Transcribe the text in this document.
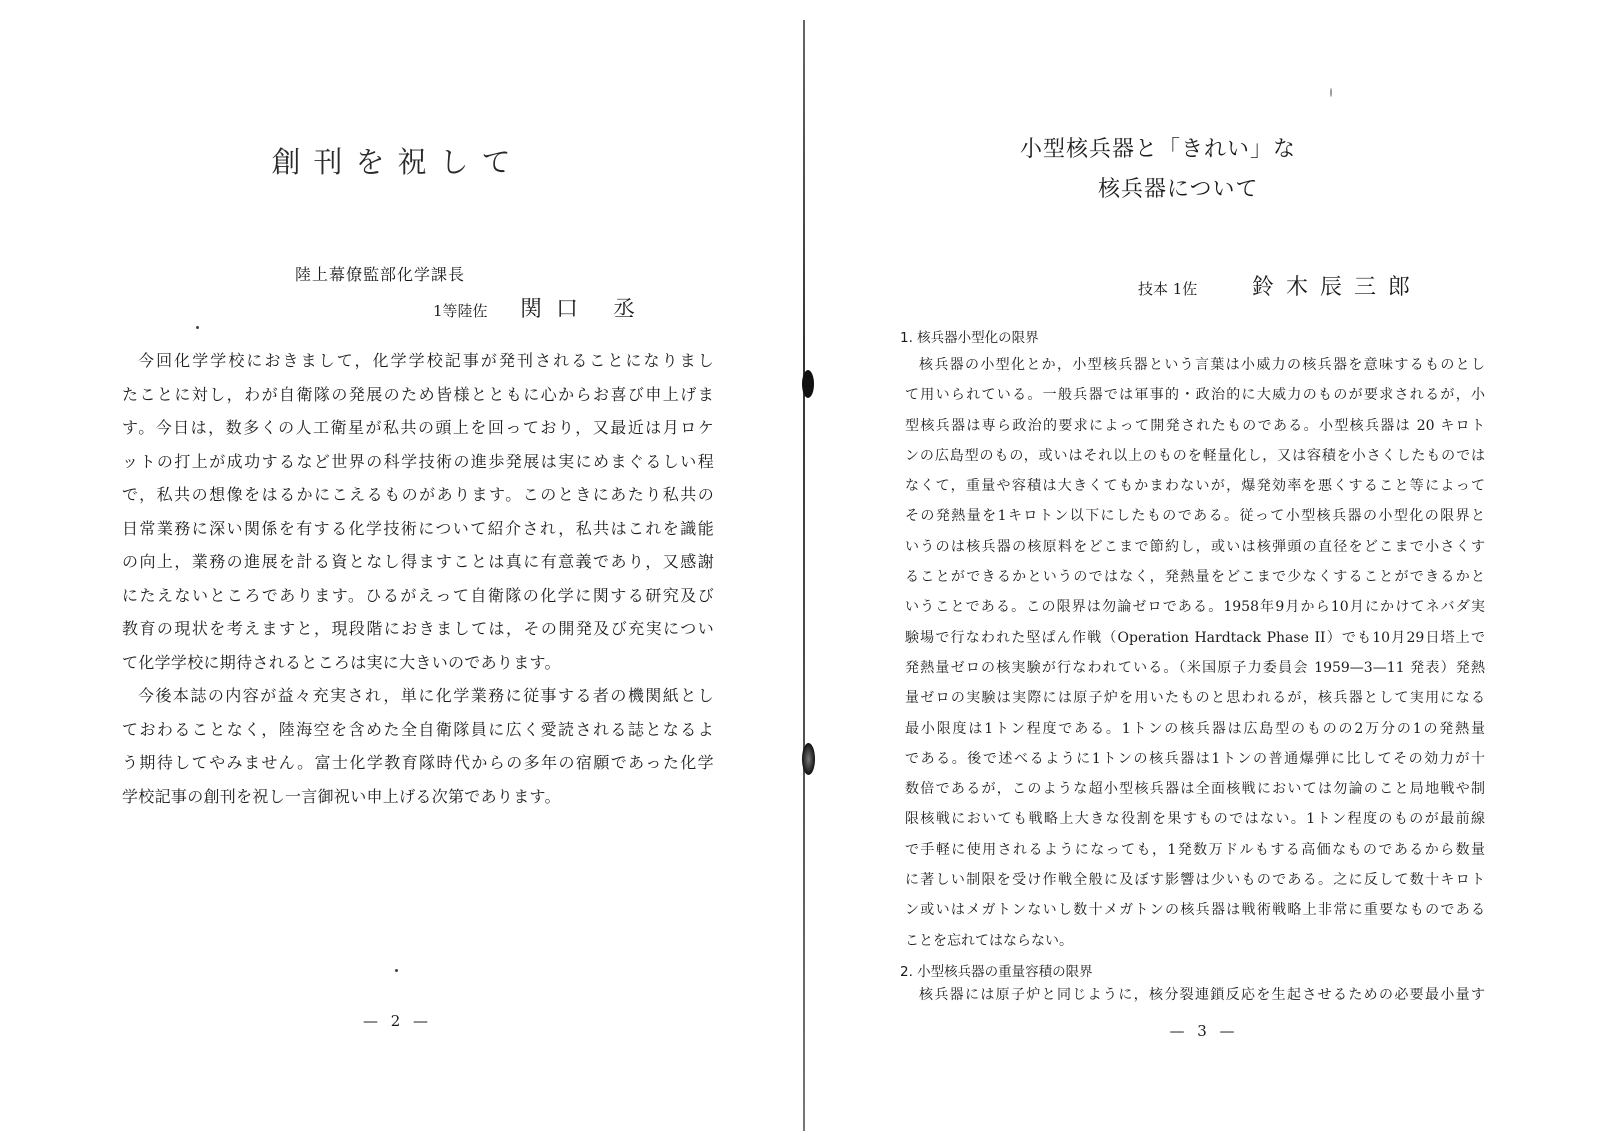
創刊を祝して
陸上幕僚監部化学課長
1等陸佐 関口 丞
今回化学学校におきまして，化学学校記事が発刊されることになりまし
たことに対し，わが自衛隊の発展のため皆様とともに心からお喜び申上げま
す。今日は，数多くの人工衛星が私共の頭上を回っており，又最近は月ロケ
ットの打上が成功するなど世界の科学技術の進歩発展は実にめまぐるしい程
で，私共の想像をはるかにこえるものがあります。このときにあたり私共の
日常業務に深い関係を有する化学技術について紹介され，私共はこれを識能
の向上，業務の進展を計る資となし得ますことは真に有意義であり，又感謝
にたえないところであります。ひるがえって自衛隊の化学に関する研究及び
教育の現状を考えますと，現段階におきましては，その開発及び充実につい
て化学学校に期待されるところは実に大きいのであります。
今後本誌の内容が益々充実され，単に化学業務に従事する者の機関紙とし
ておわることなく，陸海空を含めた全自衛隊員に広く愛読される誌となるよ
う期待してやみません。富士化学教育隊時代からの多年の宿願であった化学
学校記事の創刊を祝し一言御祝い申上げる次第であります。
— 2 —
小型核兵器と「きれい」な
核兵器について
技本 1佐 鈴木辰三郎
1. 核兵器小型化の限界
核兵器の小型化とか，小型核兵器という言葉は小威力の核兵器を意味するものとし
て用いられている。一般兵器では軍事的・政治的に大威力のものが要求されるが，小
型核兵器は専ら政治的要求によって開発されたものである。小型核兵器は 20 キロト
ンの広島型のもの，或いはそれ以上のものを軽量化し，又は容積を小さくしたものでは
なくて，重量や容積は大きくてもかまわないが，爆発効率を悪くすること等によって
その発熱量を1キロトン以下にしたものである。従って小型核兵器の小型化の限界と
いうのは核兵器の核原料をどこまで節約し，或いは核弾頭の直径をどこまで小さくす
ることができるかというのではなく，発熱量をどこまで少なくすることができるかと
いうことである。この限界は勿論ゼロである。1958年9月から10月にかけてネバダ実
験場で行なわれた堅ぱん作戦（Operation Hardtack Phase II）でも10月29日塔上で
発熱量ゼロの核実験が行なわれている。（米国原子力委員会 1959—3—11 発表）発熱
量ゼロの実験は実際には原子炉を用いたものと思われるが，核兵器として実用になる
最小限度は1トン程度である。1トンの核兵器は広島型のものの2万分の1の発熱量
である。後で述べるように1トンの核兵器は1トンの普通爆弾に比してその効力が十
数倍であるが，このような超小型核兵器は全面核戦においては勿論のこと局地戦や制
限核戦においても戦略上大きな役割を果すものではない。1トン程度のものが最前線
で手軽に使用されるようになっても，1発数万ドルもする高価なものであるから数量
に著しい制限を受け作戦全般に及ぼす影響は少いものである。之に反して数十キロト
ン或いはメガトンないし数十メガトンの核兵器は戦術戦略上非常に重要なものである
ことを忘れてはならない。
2. 小型核兵器の重量容積の限界
核兵器には原子炉と同じように，核分裂連鎖反応を生起させるための必要最小量す
— 3 —
